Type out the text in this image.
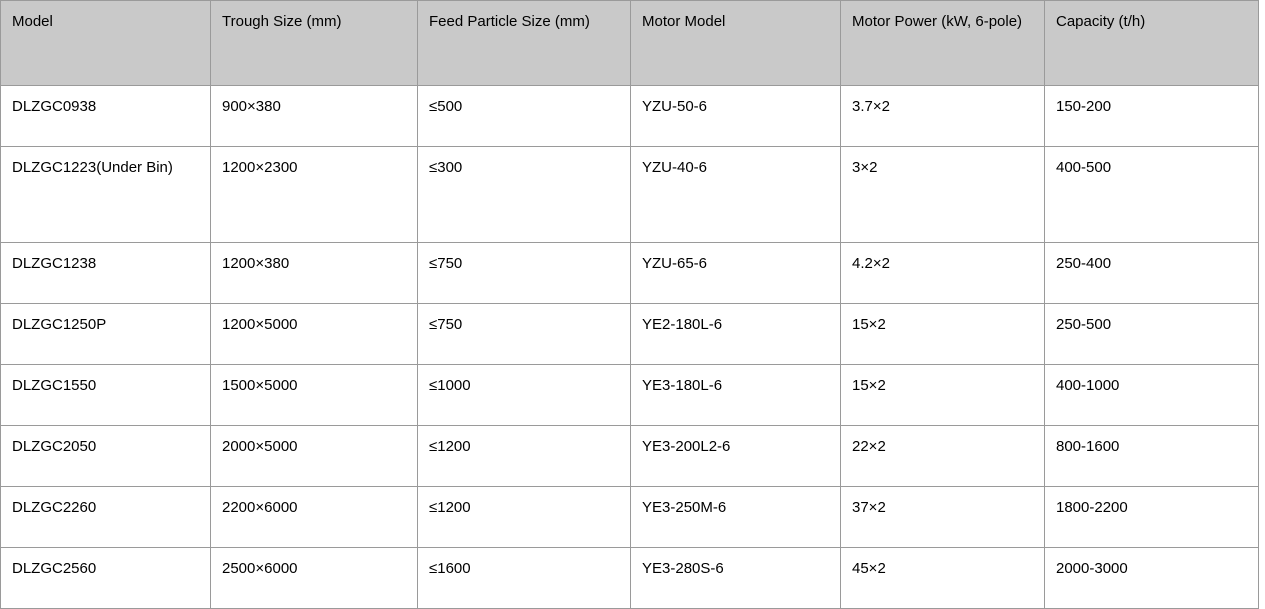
Model	Trough Size (mm)	Feed Particle Size (mm)	Motor Model	Motor Power (kW, 6-pole)	Capacity (t/h)
DLZGC0938	900×380	≤500	YZU-50-6	3.7×2	150-200
DLZGC1223(Under Bin)	1200×2300	≤300	YZU-40-6	3×2	400-500
DLZGC1238	1200×380	≤750	YZU-65-6	4.2×2	250-400
DLZGC1250P	1200×5000	≤750	YE2-180L-6	15×2	250-500
DLZGC1550	1500×5000	≤1000	YE3-180L-6	15×2	400-1000
DLZGC2050	2000×5000	≤1200	YE3-200L2-6	22×2	800-1600
DLZGC2260	2200×6000	≤1200	YE3-250M-6	37×2	1800-2200
DLZGC2560	2500×6000	≤1600	YE3-280S-6	45×2	2000-3000
